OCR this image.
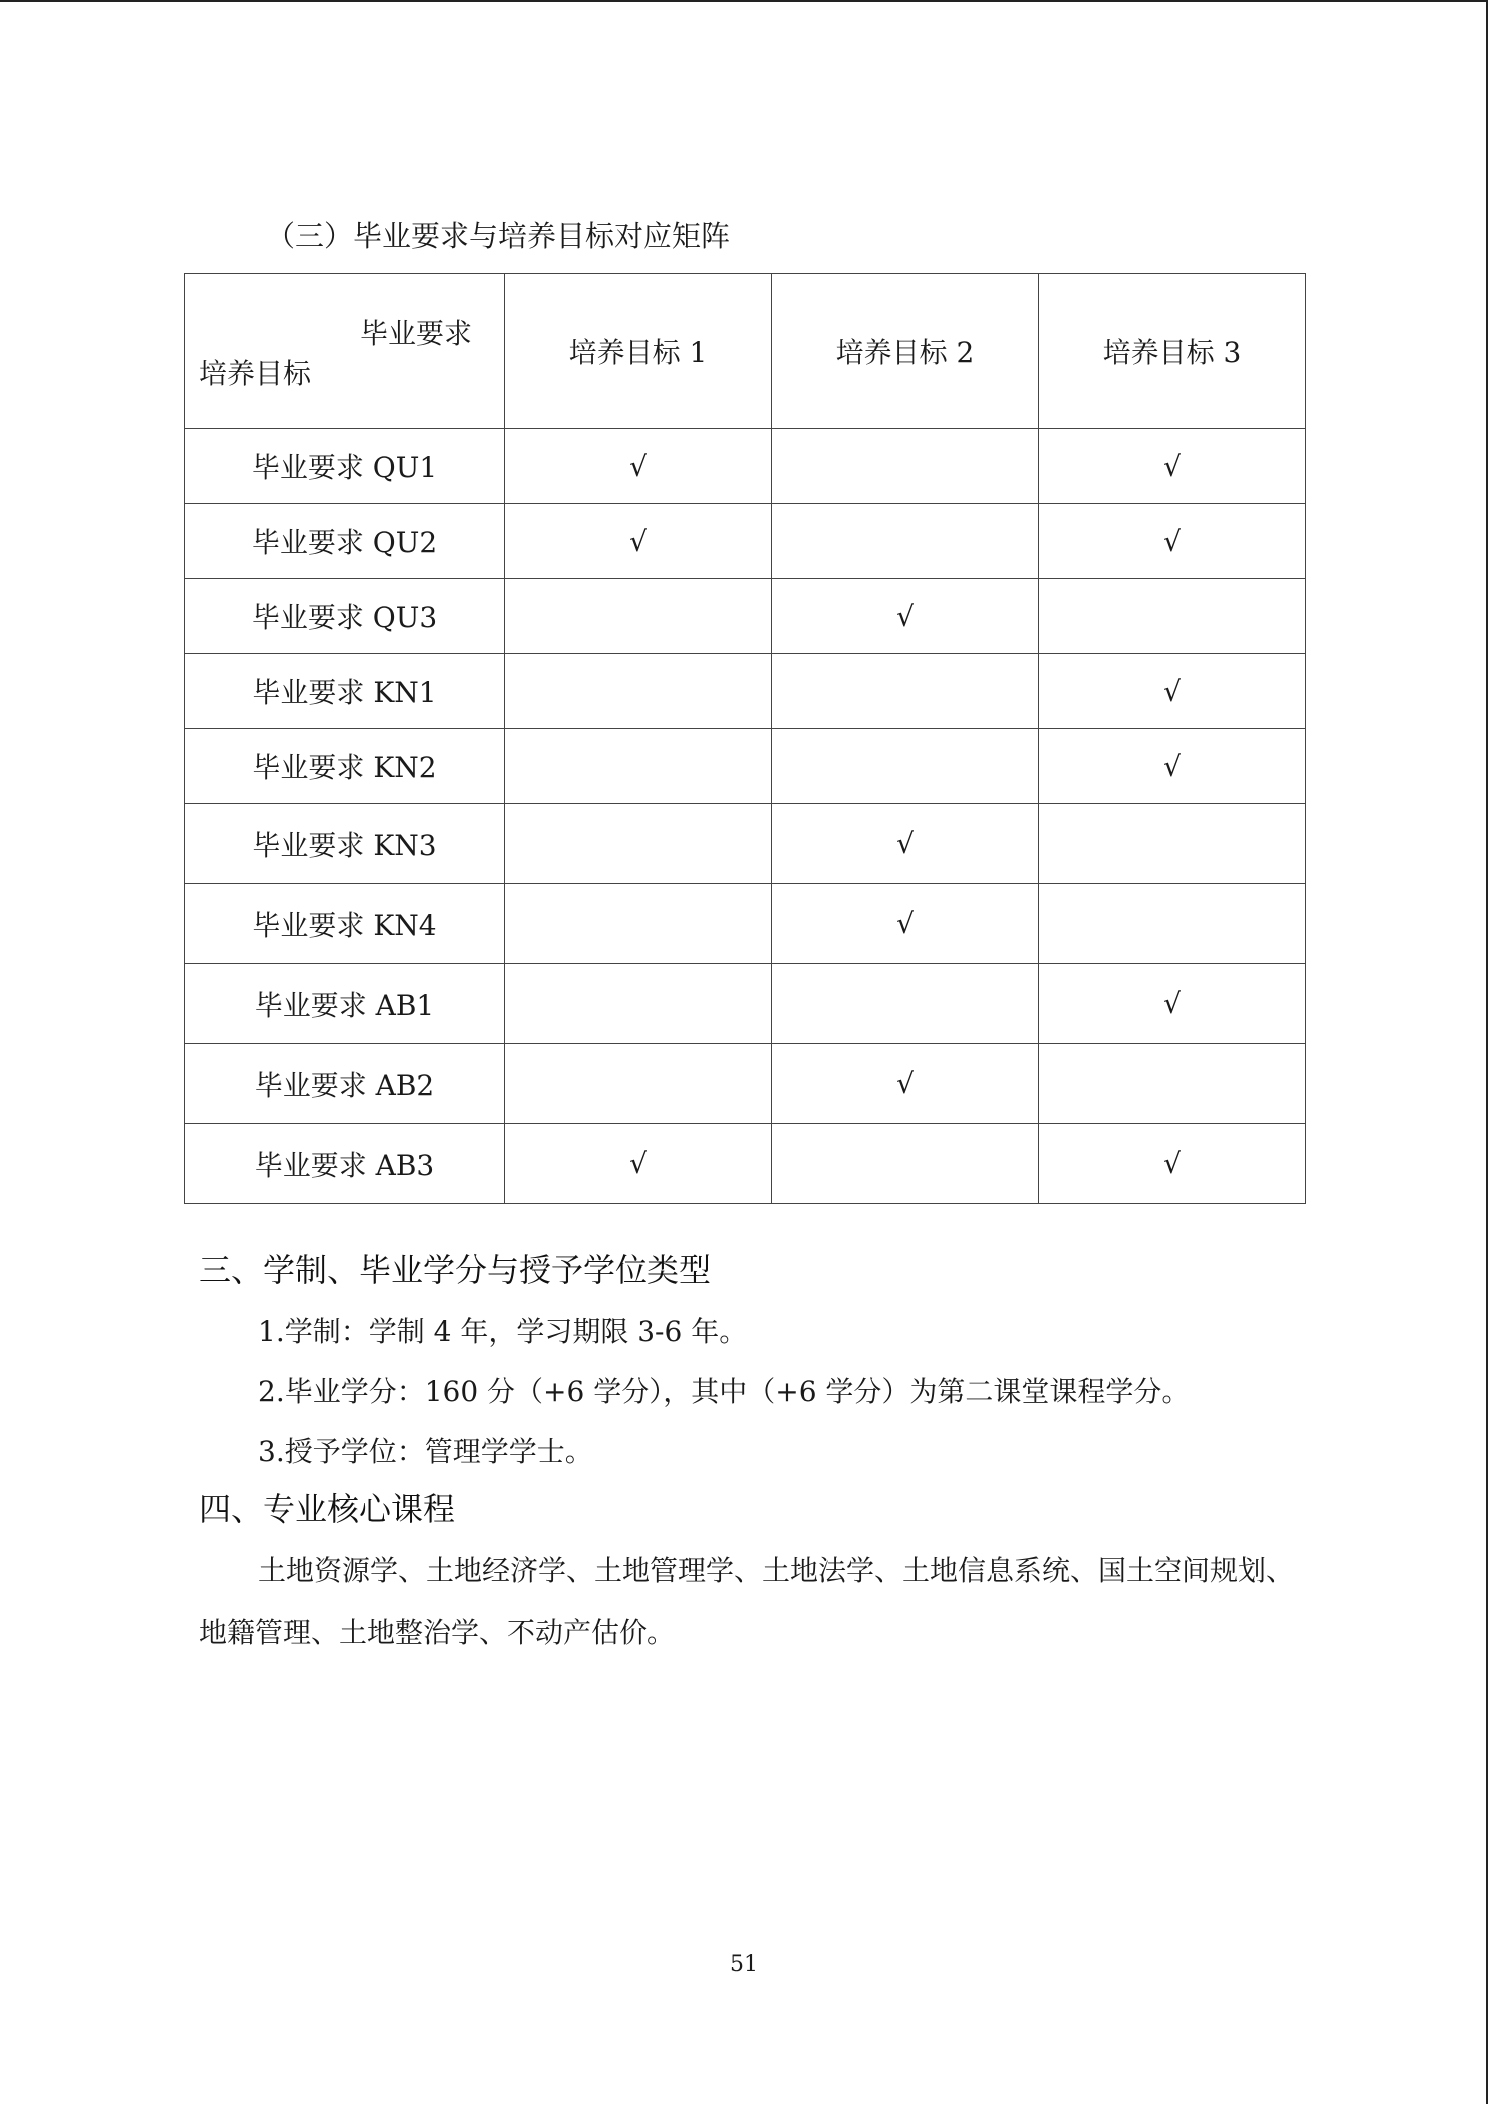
（三）毕业要求与培养目标对应矩阵
毕业要求
培养目标	培养目标 1	培养目标 2	培养目标 3
毕业要求 QU1	√		√
毕业要求 QU2	√		√
毕业要求 QU3		√	
毕业要求 KN1			√
毕业要求 KN2			√
毕业要求 KN3		√	
毕业要求 KN4		√	
毕业要求 AB1			√
毕业要求 AB2		√	
毕业要求 AB3	√		√
三、学制、毕业学分与授予学位类型
1.学制：学制 4 年，学习期限 3-6 年。
2.毕业学分：160 分（+6 学分），其中（+6 学分）为第二课堂课程学分。
3.授予学位：管理学学士。
四、专业核心课程
土地资源学、土地经济学、土地管理学、土地法学、土地信息系统、国土空间规划、地籍管理、土地整治学、不动产估价。
51
